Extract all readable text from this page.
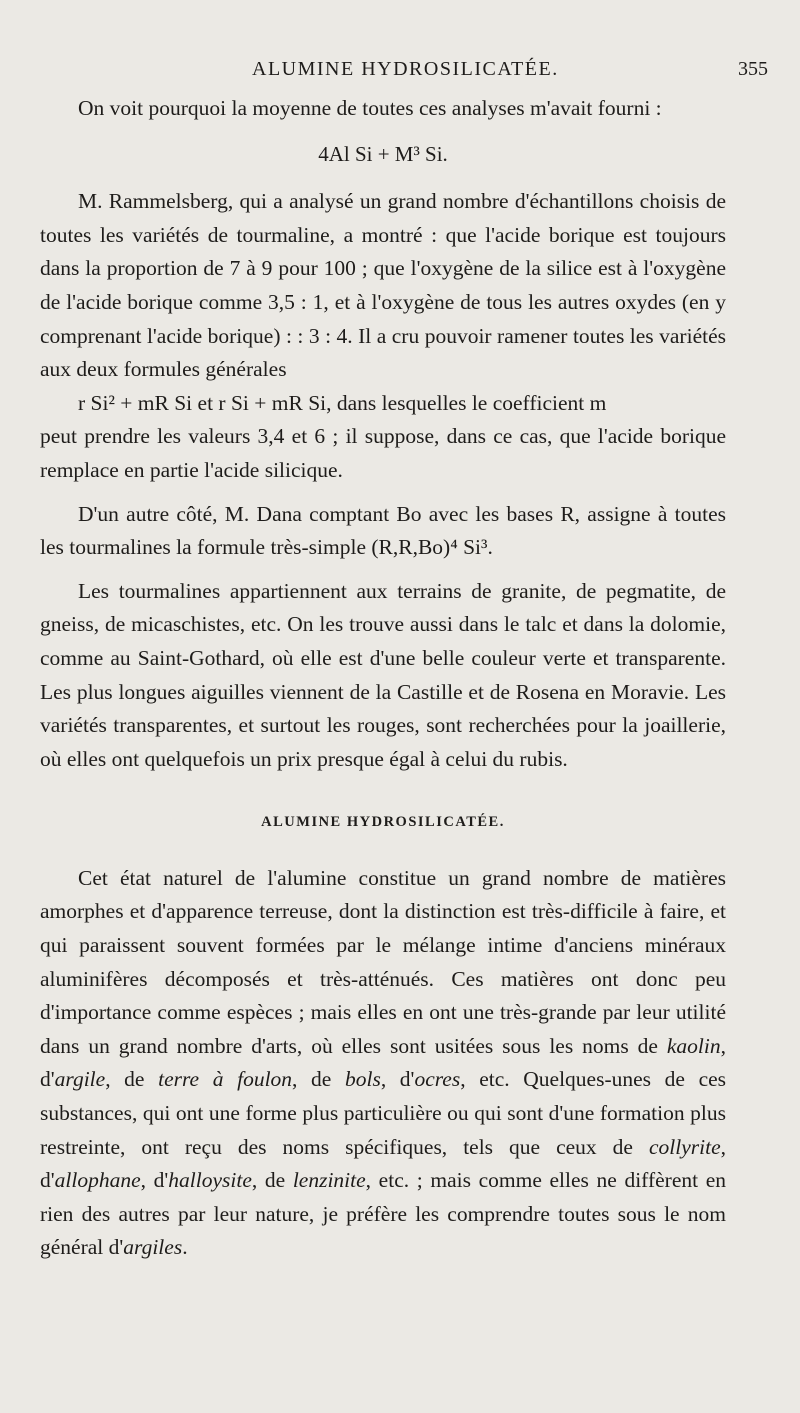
ALUMINE HYDROSILICATÉE.	355

On voit pourquoi la moyenne de toutes ces analyses m'avait fourni :

4Al Si + M³ Si.

M. Rammelsberg, qui a analysé un grand nombre d'échantillons choisis de toutes les variétés de tourmaline, a montré : que l'acide borique est toujours dans la proportion de 7 à 9 pour 100 ; que l'oxygène de la silice est à l'oxygène de l'acide borique comme 3,5 : 1, et à l'oxygène de tous les autres oxydes (en y comprenant l'acide borique) : : 3 : 4. Il a cru pouvoir ramener toutes les variétés aux deux formules générales
r Si² + mR Si et r Si + mR Si, dans lesquelles le coefficient m
peut prendre les valeurs 3,4 et 6 ; il suppose, dans ce cas, que l'acide borique remplace en partie l'acide silicique.

D'un autre côté, M. Dana comptant Bo avec les bases R, assigne à toutes les tourmalines la formule très-simple (R,R,Bo)⁴ Si³.

Les tourmalines appartiennent aux terrains de granite, de pegmatite, de gneiss, de micaschistes, etc. On les trouve aussi dans le talc et dans la dolomie, comme au Saint-Gothard, où elle est d'une belle couleur verte et transparente. Les plus longues aiguilles viennent de la Castille et de Rosena en Moravie. Les variétés transparentes, et surtout les rouges, sont recherchées pour la joaillerie, où elles ont quelquefois un prix presque égal à celui du rubis.

ALUMINE HYDROSILICATÉE.

Cet état naturel de l'alumine constitue un grand nombre de matières amorphes et d'apparence terreuse, dont la distinction est très-difficile à faire, et qui paraissent souvent formées par le mélange intime d'anciens minéraux aluminifères décomposés et très-atténués. Ces matières ont donc peu d'importance comme espèces ; mais elles en ont une très-grande par leur utilité dans un grand nombre d'arts, où elles sont usitées sous les noms de kaolin, d'argile, de terre à foulon, de bols, d'ocres, etc. Quelques-unes de ces substances, qui ont une forme plus particulière ou qui sont d'une formation plus restreinte, ont reçu des noms spécifiques, tels que ceux de collyrite, d'allophane, d'halloysite, de lenzinite, etc. ; mais comme elles ne diffèrent en rien des autres par leur nature, je préfère les comprendre toutes sous le nom général d'argiles.
